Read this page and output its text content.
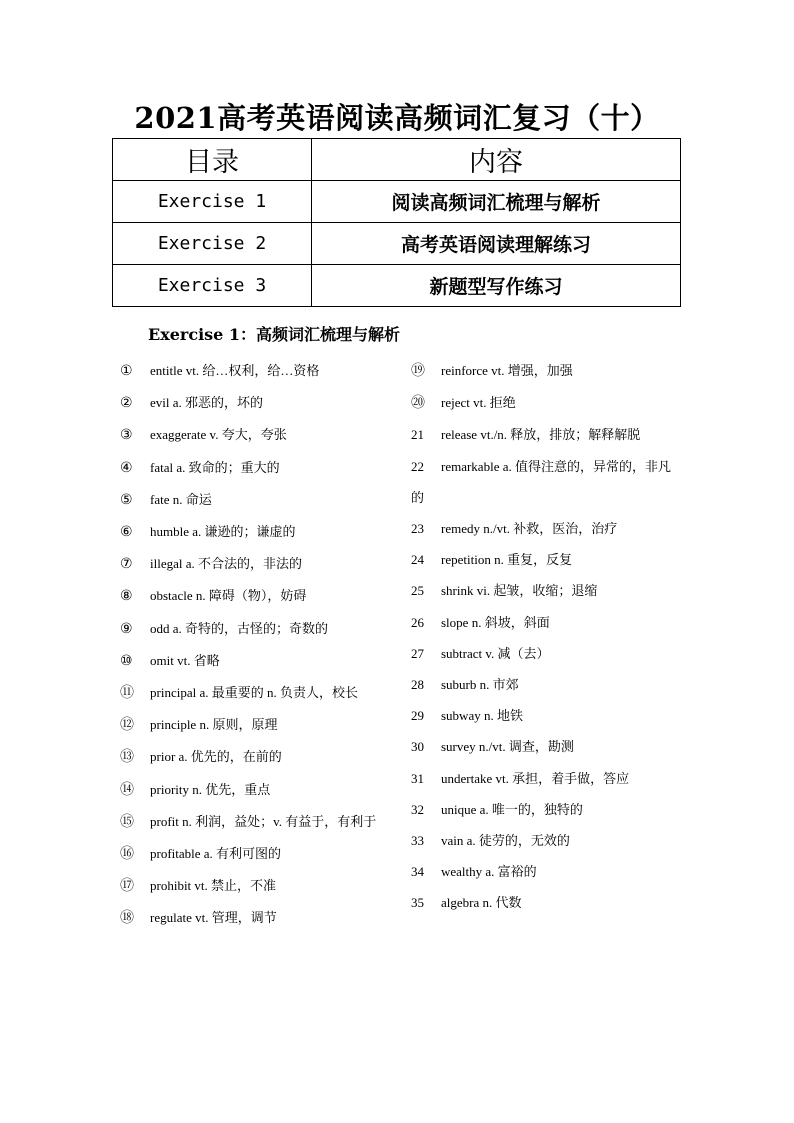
2021高考英语阅读高频词汇复习（十）
目录	内容
Exercise 1	阅读高频词汇梳理与解析
Exercise 2	高考英语阅读理解练习
Exercise 3	新题型写作练习
Exercise 1：高频词汇梳理与解析
① entitle vt. 给…权利，给…资格
② evil a. 邪恶的，坏的
③ exaggerate v. 夸大，夸张
④ fatal a. 致命的；重大的
⑤ fate n. 命运
⑥ humble a. 谦逊的；谦虚的
⑦ illegal a. 不合法的，非法的
⑧ obstacle n. 障碍（物），妨碍
⑨ odd a. 奇特的，古怪的；奇数的
⑩ omit vt. 省略
⑪ principal a. 最重要的 n. 负责人，校长
⑫ principle n. 原则，原理
⑬ prior a. 优先的，在前的
⑭ priority n. 优先，重点
⑮ profit n. 利润，益处；v. 有益于，有利于
⑯ profitable a. 有利可图的
⑰ prohibit vt. 禁止，不准
⑱ regulate vt. 管理，调节
⑲ reinforce vt. 增强，加强
⑳ reject vt. 拒绝
21 release vt./n. 释放，排放；解释解脱
22 remarkable a. 值得注意的，异常的，非凡的
23 remedy n./vt. 补救，医治，治疗
24 repetition n. 重复，反复
25 shrink vi. 起皱，收缩；退缩
26 slope n. 斜坡，斜面
27 subtract v. 减（去）
28 suburb n. 市郊
29 subway n. 地铁
30 survey n./vt. 调查，勘测
31 undertake vt. 承担，着手做，答应
32 unique a. 唯一的，独特的
33 vain a. 徒劳的，无效的
34 wealthy a. 富裕的
35 algebra n. 代数
